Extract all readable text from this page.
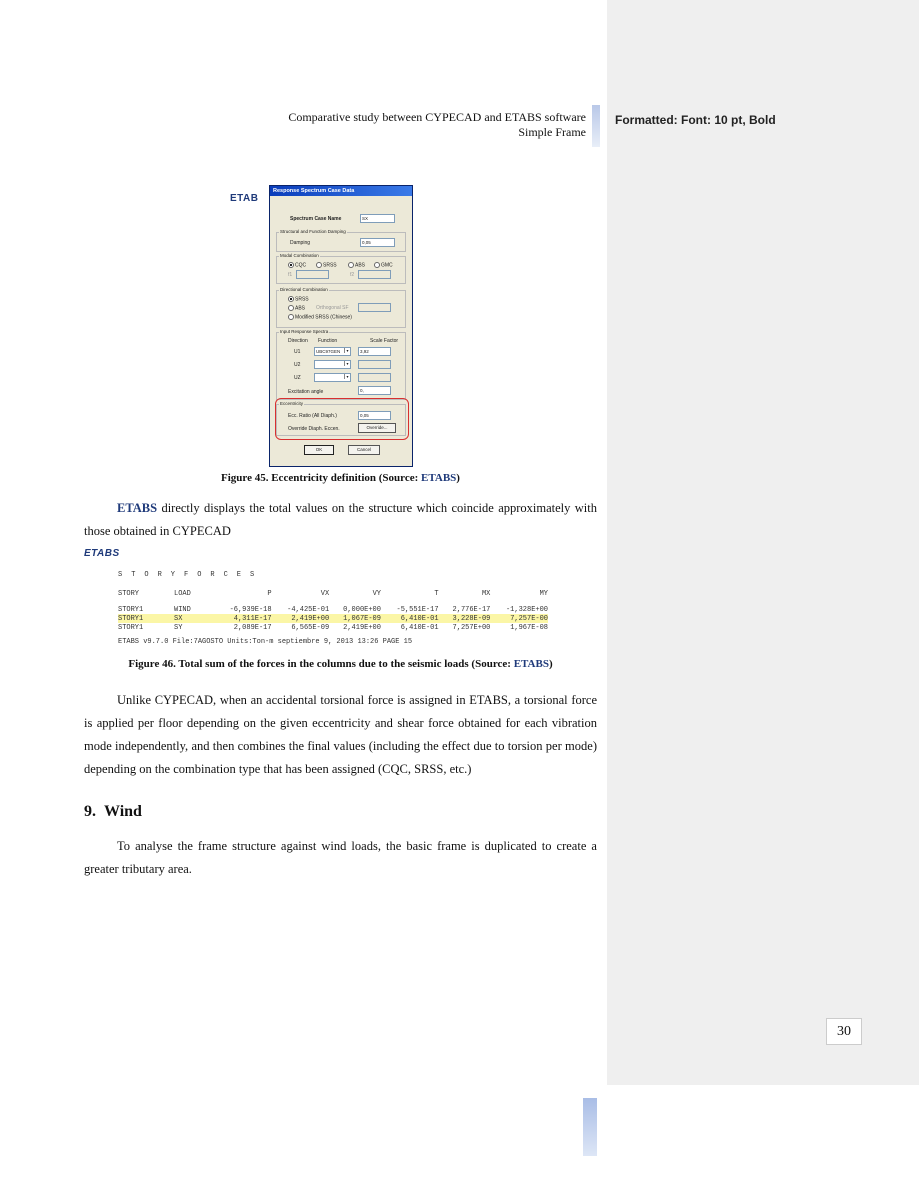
Formatted: Font: 10 pt, Bold
Comparative study between CYPECAD and ETABS software
Simple Frame
ETAB
Response Spectrum Case Data
Spectrum Case Name	SX
Structural and Function Damping
Damping	0,05
Modal Combination
CQC	SRSS	ABS	GMC
f1	f2
Directional Combination
SRSS
ABS Orthogonal SF
Modified SRSS (Chinese)
Input Response Spectra
Direction Function	Scale Factor
U1	UBC97GEN	▼	3,92
U2	▼
UZ	▼
Excitation angle	0,
Eccentricity
Ecc. Ratio (All Diaph.)	0,05
Override Diaph. Eccen.	Override...
OK	Cancel
Figure 45. Eccentricity definition (Source: ETABS)
ETABS directly displays the total values on the structure which coincide approximately with those obtained in CYPECAD
ETABS
S T O R Y F O R C E S
STORY	LOAD	P	VX	VY	T	MX	MY

STORY1	WIND	-6,939E-18	-4,425E-01	0,000E+00	-5,551E-17	2,776E-17	-1,328E+00
STORY1	SX	4,311E-17	2,419E+00	1,067E-09	6,410E-01	3,228E-09	7,257E-00
STORY1	SY	2,089E-17	6,565E-09	2,419E+00	6,410E-01	7,257E+00	1,967E-08
ETABS v9.7.0 File:7AGOSTO Units:Ton-m septiembre 9, 2013 13:26 PAGE 15
Figure 46. Total sum of the forces in the columns due to the seismic loads (Source: ETABS)
Unlike CYPECAD, when an accidental torsional force is assigned in ETABS, a torsional force is applied per floor depending on the given eccentricity and shear force obtained for each vibration mode independently, and then combines the final values (including the effect due to torsion per mode) depending on the combination type that has been assigned (CQC, SRSS, etc.)
9. Wind
To analyse the frame structure against wind loads, the basic frame is duplicated to create a greater tributary area.
30
